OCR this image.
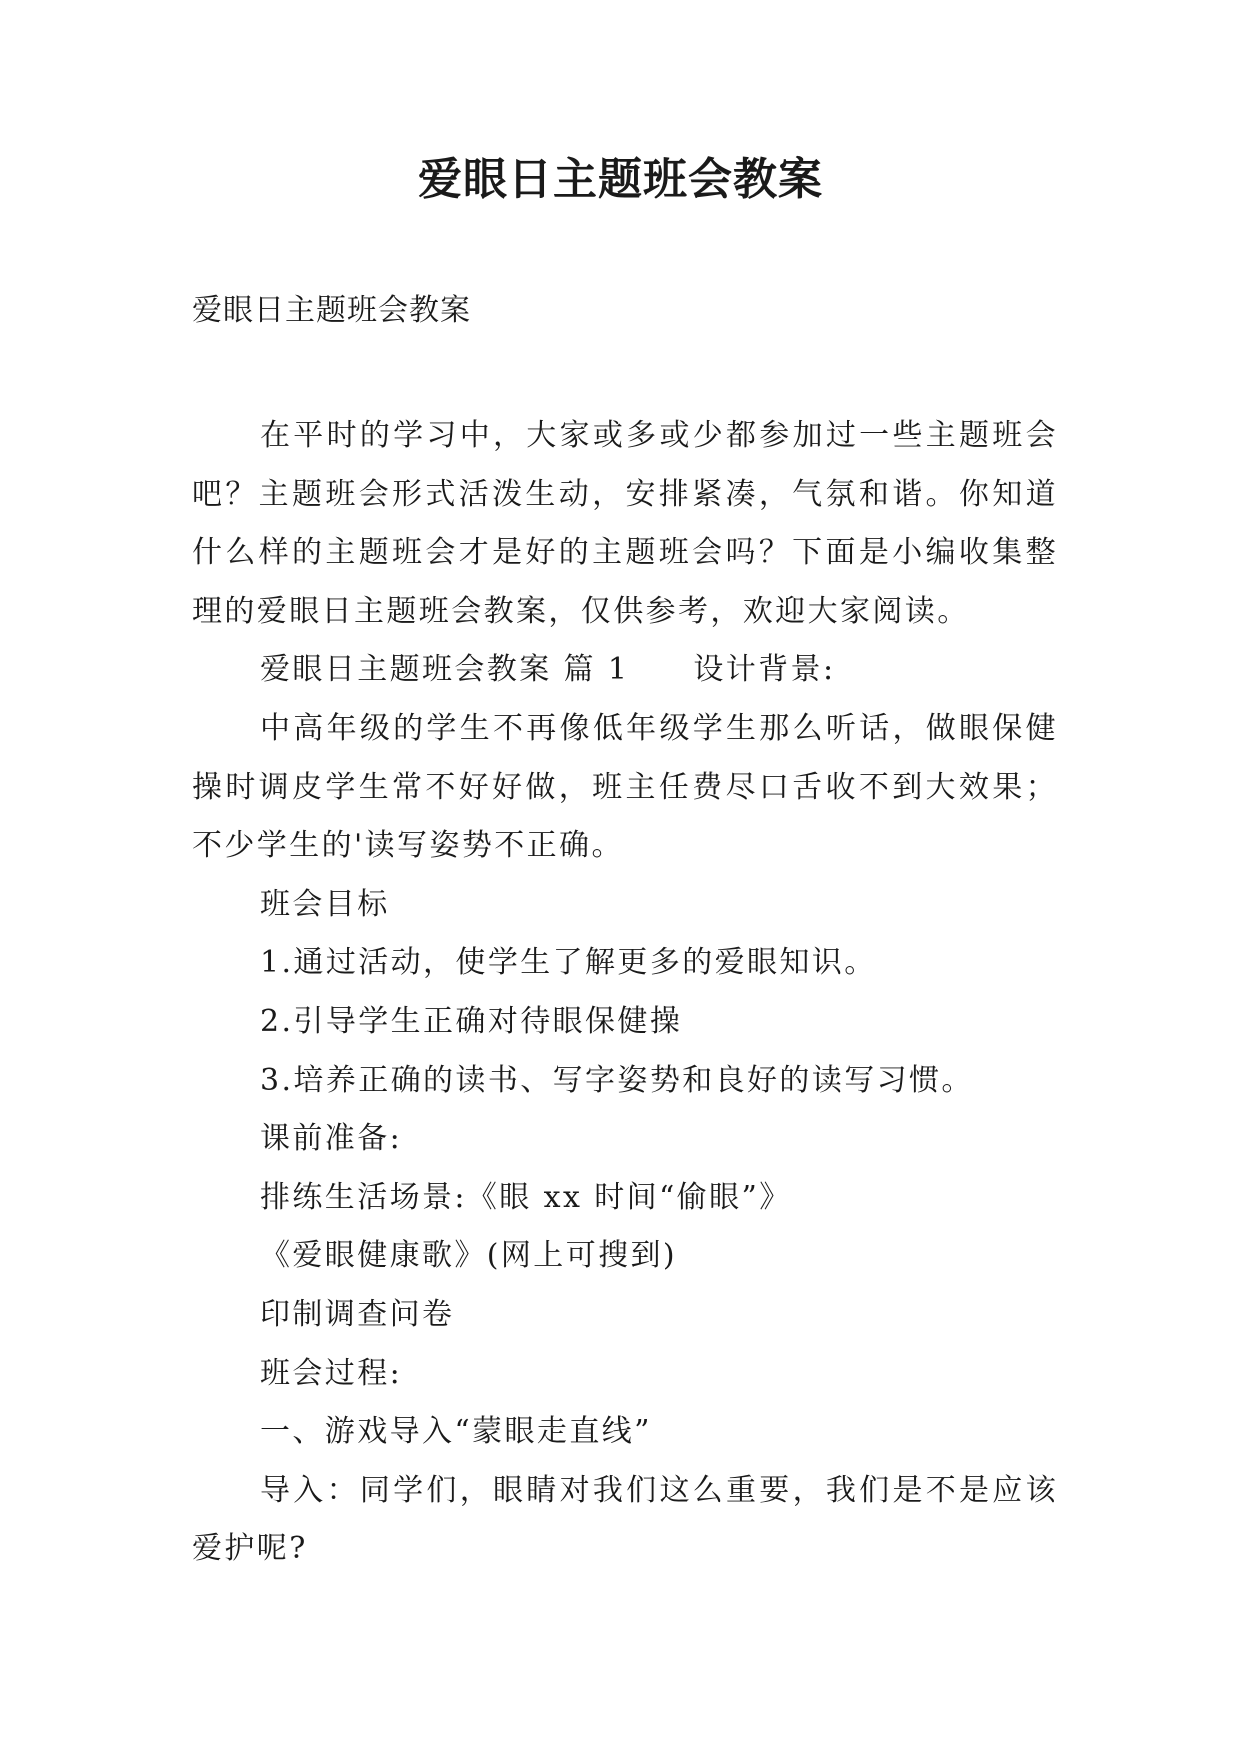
爱眼日主题班会教案

爱眼日主题班会教案

在平时的学习中，大家或多或少都参加过一些主题班会吧？主题班会形式活泼生动，安排紧凑，气氛和谐。你知道什么样的主题班会才是好的主题班会吗？下面是小编收集整理的爱眼日主题班会教案，仅供参考，欢迎大家阅读。

爱眼日主题班会教案 篇 1 设计背景:

中高年级的学生不再像低年级学生那么听话，做眼保健操时调皮学生常不好好做，班主任费尽口舌收不到大效果；不少学生的'读写姿势不正确。

班会目标

1.通过活动，使学生了解更多的爱眼知识。

2.引导学生正确对待眼保健操

3.培养正确的读书、写字姿势和良好的读写习惯。

课前准备:

排练生活场景:《眼 xx 时间“偷眼”》

《爱眼健康歌》(网上可搜到)

印制调查问卷

班会过程:

一、游戏导入“蒙眼走直线”

导入：同学们，眼睛对我们这么重要，我们是不是应该爱护呢?
